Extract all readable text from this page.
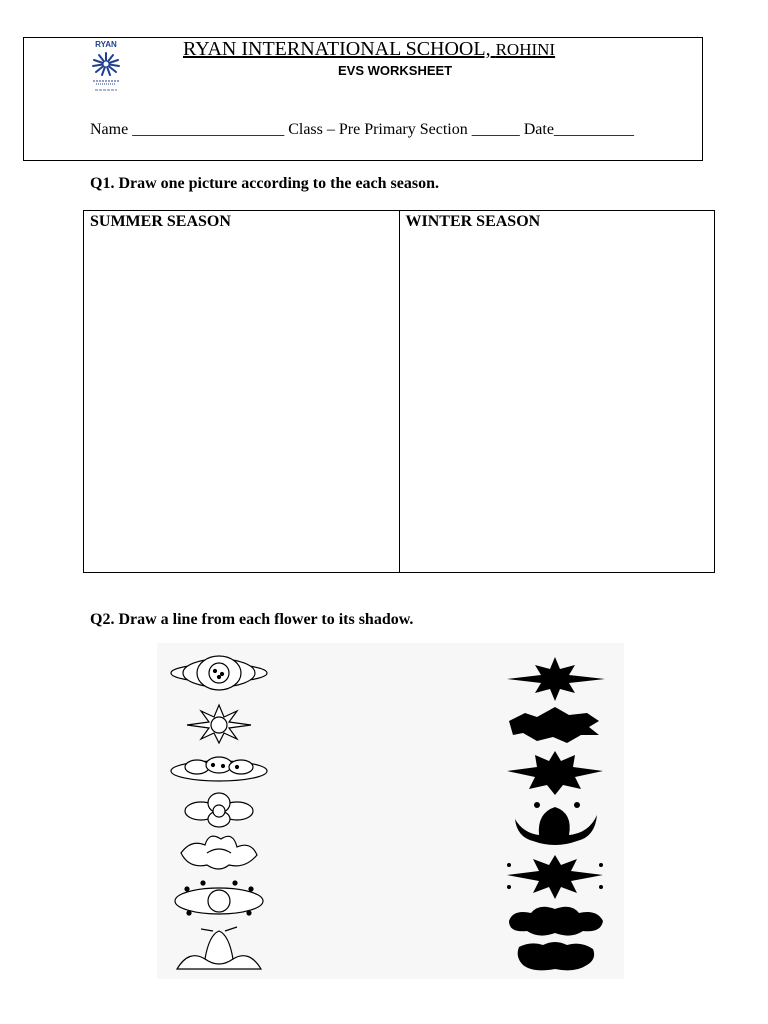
RYAN	RYAN INTERNATIONAL SCHOOL, ROHINI
EVS WORKSHEET
Name ___________________ Class – Pre Primary Section ______ Date__________
Q1. Draw one picture according to the each season.
SUMMER SEASON	WINTER SEASON
Q2. Draw a line from each flower to its shadow.
